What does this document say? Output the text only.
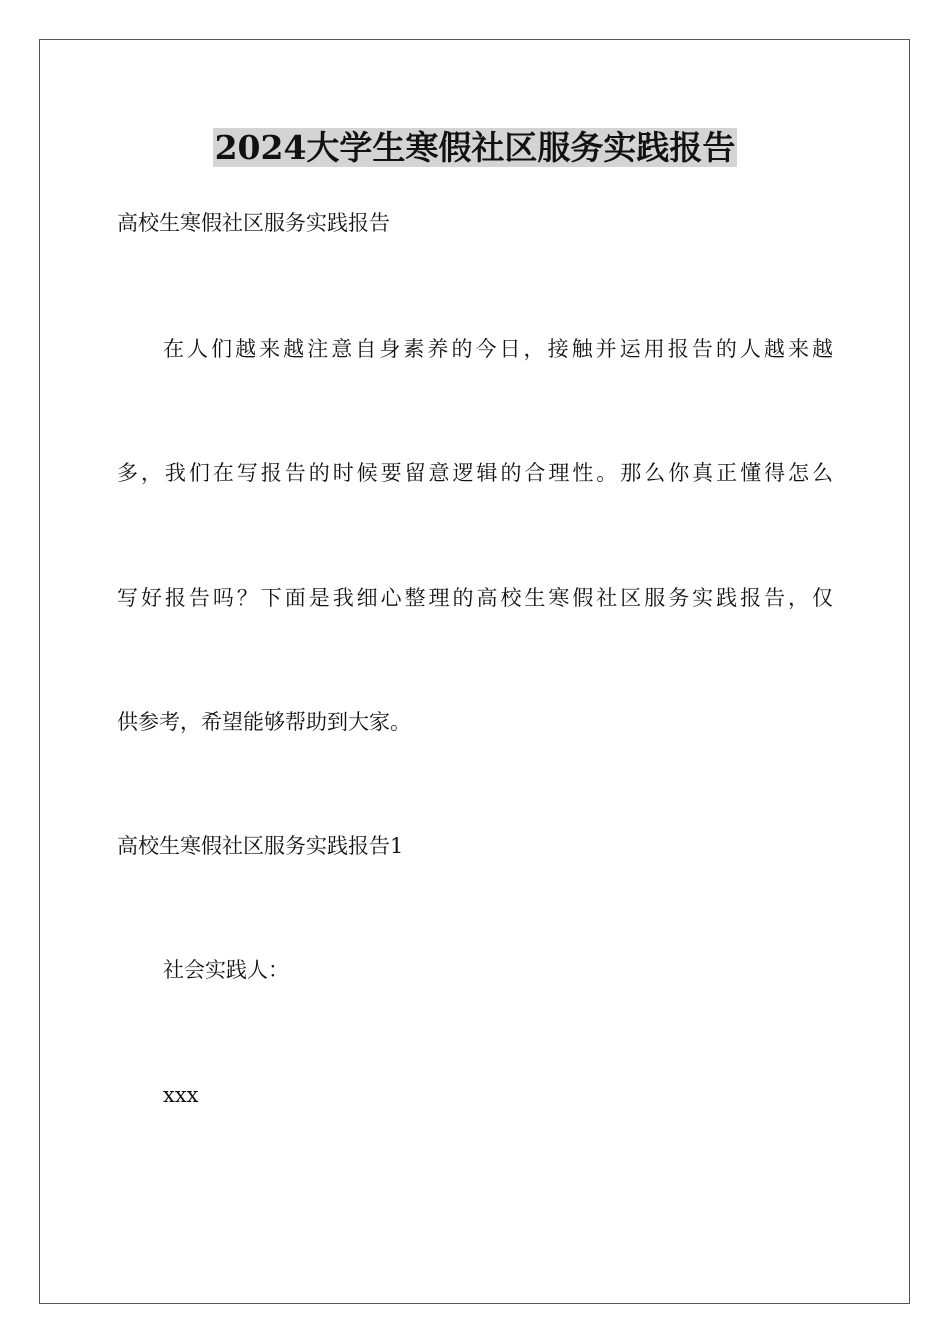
2024大学生寒假社区服务实践报告

高校生寒假社区服务实践报告

在人们越来越注意自身素养的今日，接触并运用报告的人越来越

多，我们在写报告的时候要留意逻辑的合理性。那么你真正懂得怎么

写好报告吗？下面是我细心整理的高校生寒假社区服务实践报告，仅

供参考，希望能够帮助到大家。

高校生寒假社区服务实践报告1

社会实践人：

xxx
